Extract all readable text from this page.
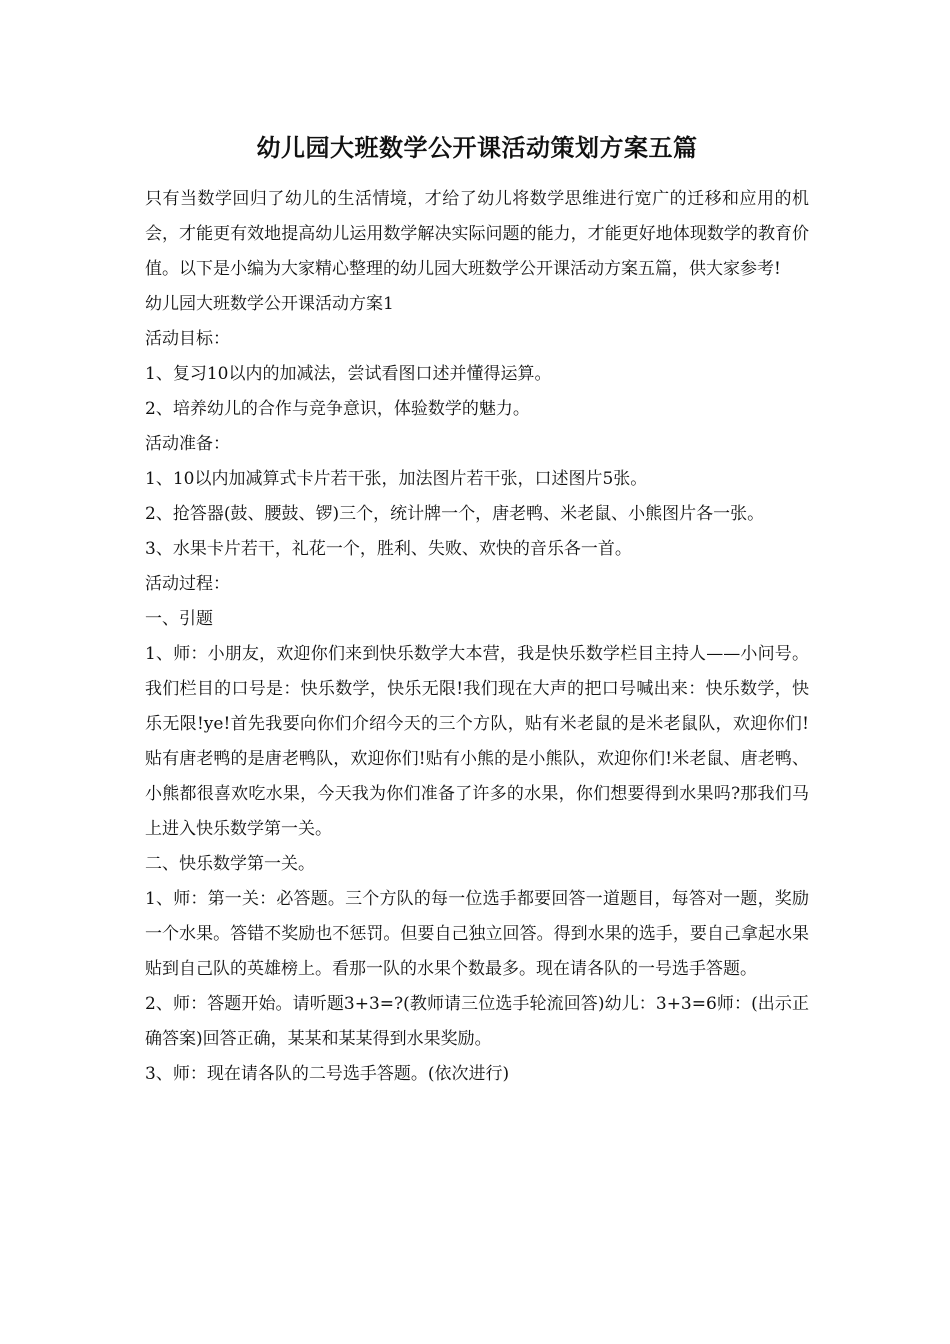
幼儿园大班数学公开课活动策划方案五篇

只有当数学回归了幼儿的生活情境，才给了幼儿将数学思维进行宽广的迁移和应用的机会，才能更有效地提高幼儿运用数学解决实际问题的能力，才能更好地体现数学的教育价值。以下是小编为大家精心整理的幼儿园大班数学公开课活动方案五篇，供大家参考!

幼儿园大班数学公开课活动方案1

活动目标：

1、复习10以内的加减法，尝试看图口述并懂得运算。

2、培养幼儿的合作与竞争意识，体验数学的魅力。

活动准备：

1、10以内加减算式卡片若干张，加法图片若干张，口述图片5张。

2、抢答器(鼓、腰鼓、锣)三个，统计牌一个，唐老鸭、米老鼠、小熊图片各一张。

3、水果卡片若干，礼花一个，胜利、失败、欢快的音乐各一首。

活动过程：

一、引题

1、师：小朋友，欢迎你们来到快乐数学大本营，我是快乐数学栏目主持人——小问号。我们栏目的口号是：快乐数学，快乐无限!我们现在大声的把口号喊出来：快乐数学，快乐无限!ye!首先我要向你们介绍今天的三个方队，贴有米老鼠的是米老鼠队，欢迎你们!贴有唐老鸭的是唐老鸭队，欢迎你们!贴有小熊的是小熊队，欢迎你们!米老鼠、唐老鸭、小熊都很喜欢吃水果，今天我为你们准备了许多的水果，你们想要得到水果吗?那我们马上进入快乐数学第一关。

二、快乐数学第一关。

1、师：第一关：必答题。三个方队的每一位选手都要回答一道题目，每答对一题，奖励一个水果。答错不奖励也不惩罚。但要自己独立回答。得到水果的选手，要自己拿起水果贴到自己队的英雄榜上。看那一队的水果个数最多。现在请各队的一号选手答题。

2、师：答题开始。请听题3+3=?(教师请三位选手轮流回答)幼儿：3+3=6师：(出示正确答案)回答正确，某某和某某得到水果奖励。

3、师：现在请各队的二号选手答题。(依次进行)
